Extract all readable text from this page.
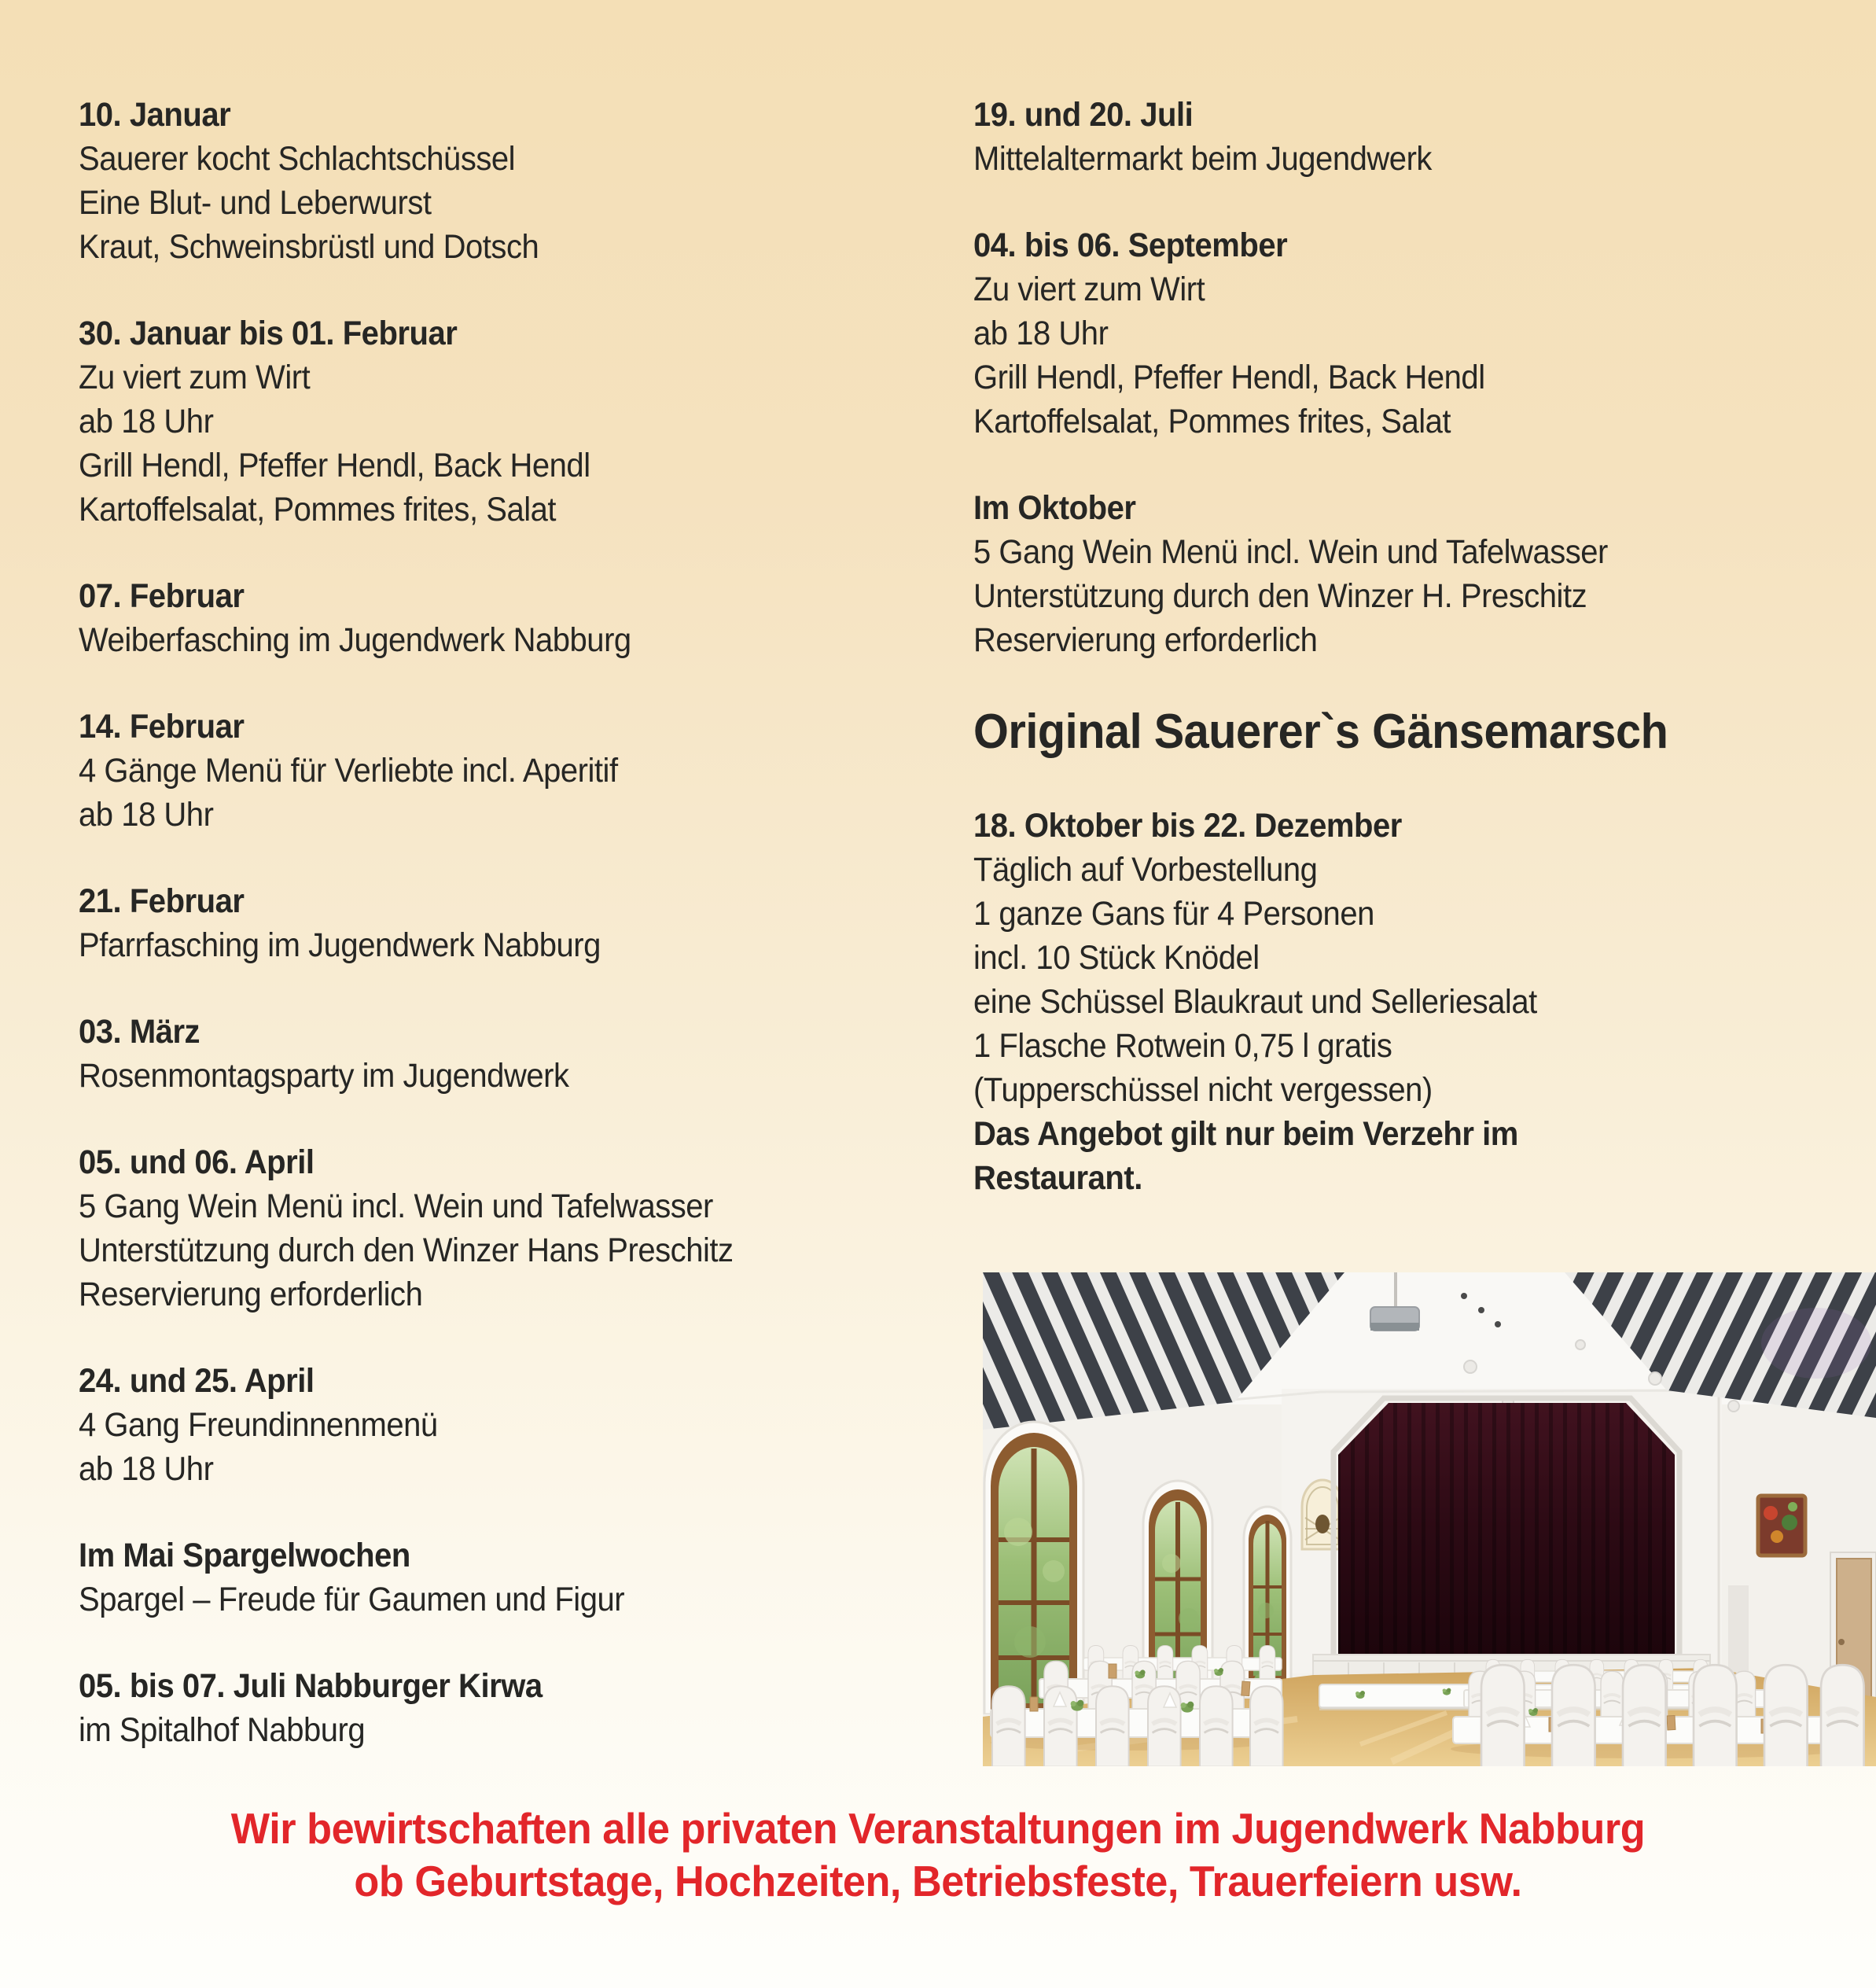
10. Januar
Sauerer kocht Schlachtschüssel
Eine Blut- und Leberwurst
Kraut, Schweinsbrüstl und Dotsch
30. Januar bis 01. Februar
Zu viert zum Wirt
ab 18 Uhr
Grill Hendl, Pfeffer Hendl, Back Hendl
Kartoffelsalat, Pommes frites, Salat
07. Februar
Weiberfasching im Jugendwerk Nabburg
14. Februar
4 Gänge Menü für Verliebte incl. Aperitif
ab 18 Uhr
21. Februar
Pfarrfasching im Jugendwerk Nabburg
03. März
Rosenmontagsparty im Jugendwerk
05. und 06. April
5 Gang Wein Menü incl. Wein und Tafelwasser
Unterstützung durch den Winzer Hans Preschitz
Reservierung erforderlich
24. und 25. April
4 Gang Freundinnenmenü
ab 18 Uhr
Im Mai Spargelwochen
Spargel – Freude für Gaumen und Figur
05. bis 07. Juli Nabburger Kirwa
im Spitalhof Nabburg
19. und 20. Juli
Mittelaltermarkt beim Jugendwerk
04. bis 06. September
Zu viert zum Wirt
ab 18 Uhr
Grill Hendl, Pfeffer Hendl, Back Hendl
Kartoffelsalat, Pommes frites, Salat
Im Oktober
5 Gang Wein Menü incl. Wein und Tafelwasser
Unterstützung durch den Winzer H. Preschitz
Reservierung erforderlich
Original Sauerer`s Gänsemarsch
18. Oktober bis 22. Dezember
Täglich auf Vorbestellung
1 ganze Gans für 4 Personen
incl. 10 Stück Knödel
eine Schüssel Blaukraut und Selleriesalat
1 Flasche Rotwein 0,75 l gratis
(Tupperschüssel nicht vergessen)
Das Angebot gilt nur beim Verzehr im
Restaurant.
Wir bewirtschaften alle privaten Veranstaltungen im Jugendwerk Nabburg
ob Geburtstage, Hochzeiten, Betriebsfeste, Trauerfeiern usw.
